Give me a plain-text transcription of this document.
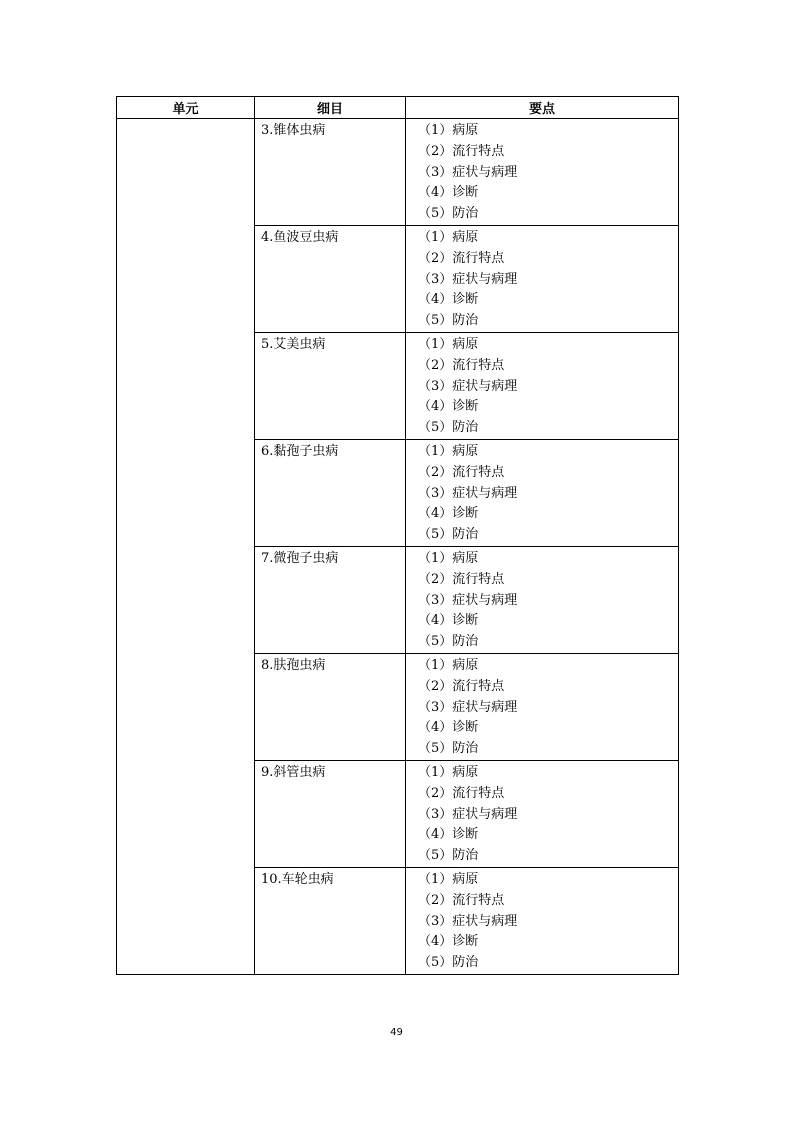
单元	细目	要点
	3.锥体虫病	（1）病原
（2）流行特点
（3）症状与病理
（4）诊断
（5）防治

	4.鱼波豆虫病	（1）病原
（2）流行特点
（3）症状与病理
（4）诊断
（5）防治

	5.艾美虫病	（1）病原
（2）流行特点
（3）症状与病理
（4）诊断
（5）防治

	6.黏孢子虫病	（1）病原
（2）流行特点
（3）症状与病理
（4）诊断
（5）防治

	7.微孢子虫病	（1）病原
（2）流行特点
（3）症状与病理
（4）诊断
（5）防治

	8.肤孢虫病	（1）病原
（2）流行特点
（3）症状与病理
（4）诊断
（5）防治

	9.斜管虫病	（1）病原
（2）流行特点
（3）症状与病理
（4）诊断
（5）防治

	10.车轮虫病	（1）病原
（2）流行特点
（3）症状与病理
（4）诊断
（5）防治
49
